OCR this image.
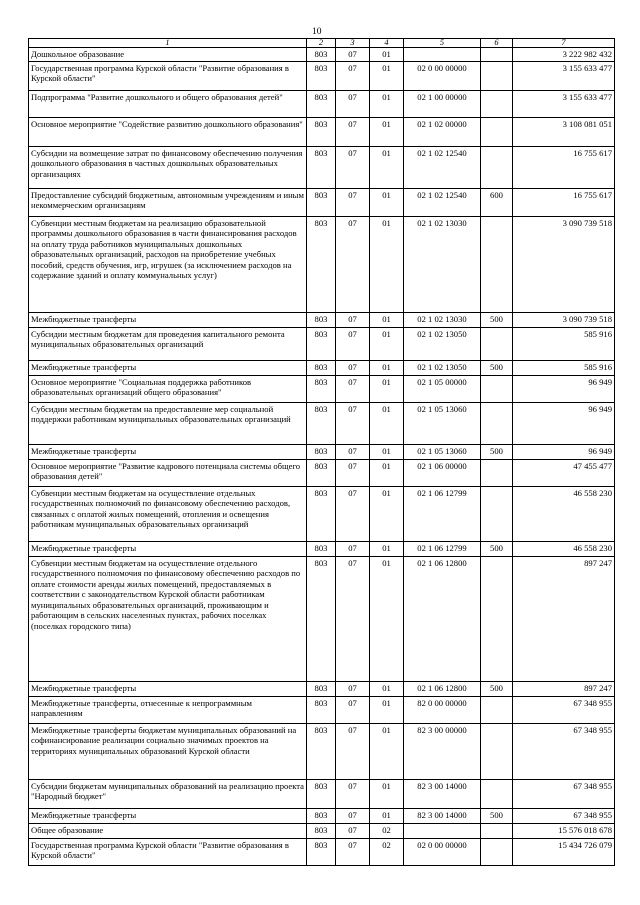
10
1	2	3	4	5	6	7
Дошкольное образование	803	07	01			3 222 982 432
Государственная программа Курской области "Развитие образования в Курской области"	803	07	01	02 0 00 00000		3 155 633 477
Подпрограмма "Развитие дошкольного и общего образования детей"	803	07	01	02 1 00 00000		3 155 633 477
Основное мероприятие "Содействие развитию дошкольного образования"	803	07	01	02 1 02 00000		3 108 081 051
Субсидии на возмещение затрат по финансовому обеспечению получения дошкольного образования в частных дошкольных образовательных организациях	803	07	01	02 1 02 12540		16 755 617
Предоставление субсидий бюджетным, автономным учреждениям и иным некоммерческим организациям	803	07	01	02 1 02 12540	600	16 755 617
Субвенции местным бюджетам на реализацию образовательной программы дошкольного образования в части финансирования расходов на оплату труда работников муниципальных дошкольных образовательных организаций, расходов на приобретение учебных пособий, средств обучения, игр, игрушек (за исключением расходов на содержание зданий и оплату коммунальных услуг)	803	07	01	02 1 02 13030		3 090 739 518
Межбюджетные трансферты	803	07	01	02 1 02 13030	500	3 090 739 518
Субсидии местным бюджетам для проведения капитального ремонта муниципальных образовательных организаций	803	07	01	02 1 02 13050		585 916
Межбюджетные трансферты	803	07	01	02 1 02 13050	500	585 916
Основное мероприятие "Социальная поддержка работников образовательных организаций общего образования"	803	07	01	02 1 05 00000		96 949
Субсидии местным бюджетам на предоставление мер социальной поддержки работникам муниципальных образовательных организаций	803	07	01	02 1 05 13060		96 949
Межбюджетные трансферты	803	07	01	02 1 05 13060	500	96 949
Основное мероприятие "Развитие кадрового потенциала системы общего образования детей"	803	07	01	02 1 06 00000		47 455 477
Субвенции местным бюджетам на осуществление отдельных государственных полномочий по финансовому обеспечению расходов, связанных с оплатой жилых помещений, отопления и освещения работникам муниципальных образовательных организаций	803	07	01	02 1 06 12799		46 558 230
Межбюджетные трансферты	803	07	01	02 1 06 12799	500	46 558 230
Субвенции местным бюджетам на осуществление отдельного государственного полномочия по финансовому обеспечению расходов по оплате стоимости аренды жилых помещений, предоставляемых в соответствии с законодательством Курской области работникам муниципальных образовательных организаций, проживающим и работающим в сельских населенных пунктах, рабочих поселках (поселках городского типа)	803	07	01	02 1 06 12800		897 247
Межбюджетные трансферты	803	07	01	02 1 06 12800	500	897 247
Межбюджетные трансферты, отнесенные к непрограммным направлениям	803	07	01	82 0 00 00000		67 348 955
Межбюджетные трансферты бюджетам муниципальных образований на софинансирование реализации социально значимых проектов на территориях муниципальных образований Курской области	803	07	01	82 3 00 00000		67 348 955
Субсидии бюджетам муниципальных образований на реализацию проекта "Народный бюджет"	803	07	01	82 3 00 14000		67 348 955
Межбюджетные трансферты	803	07	01	82 3 00 14000	500	67 348 955
Общее образование	803	07	02			15 576 018 678
Государственная программа Курской области "Развитие образования в Курской области"	803	07	02	02 0 00 00000		15 434 726 079
